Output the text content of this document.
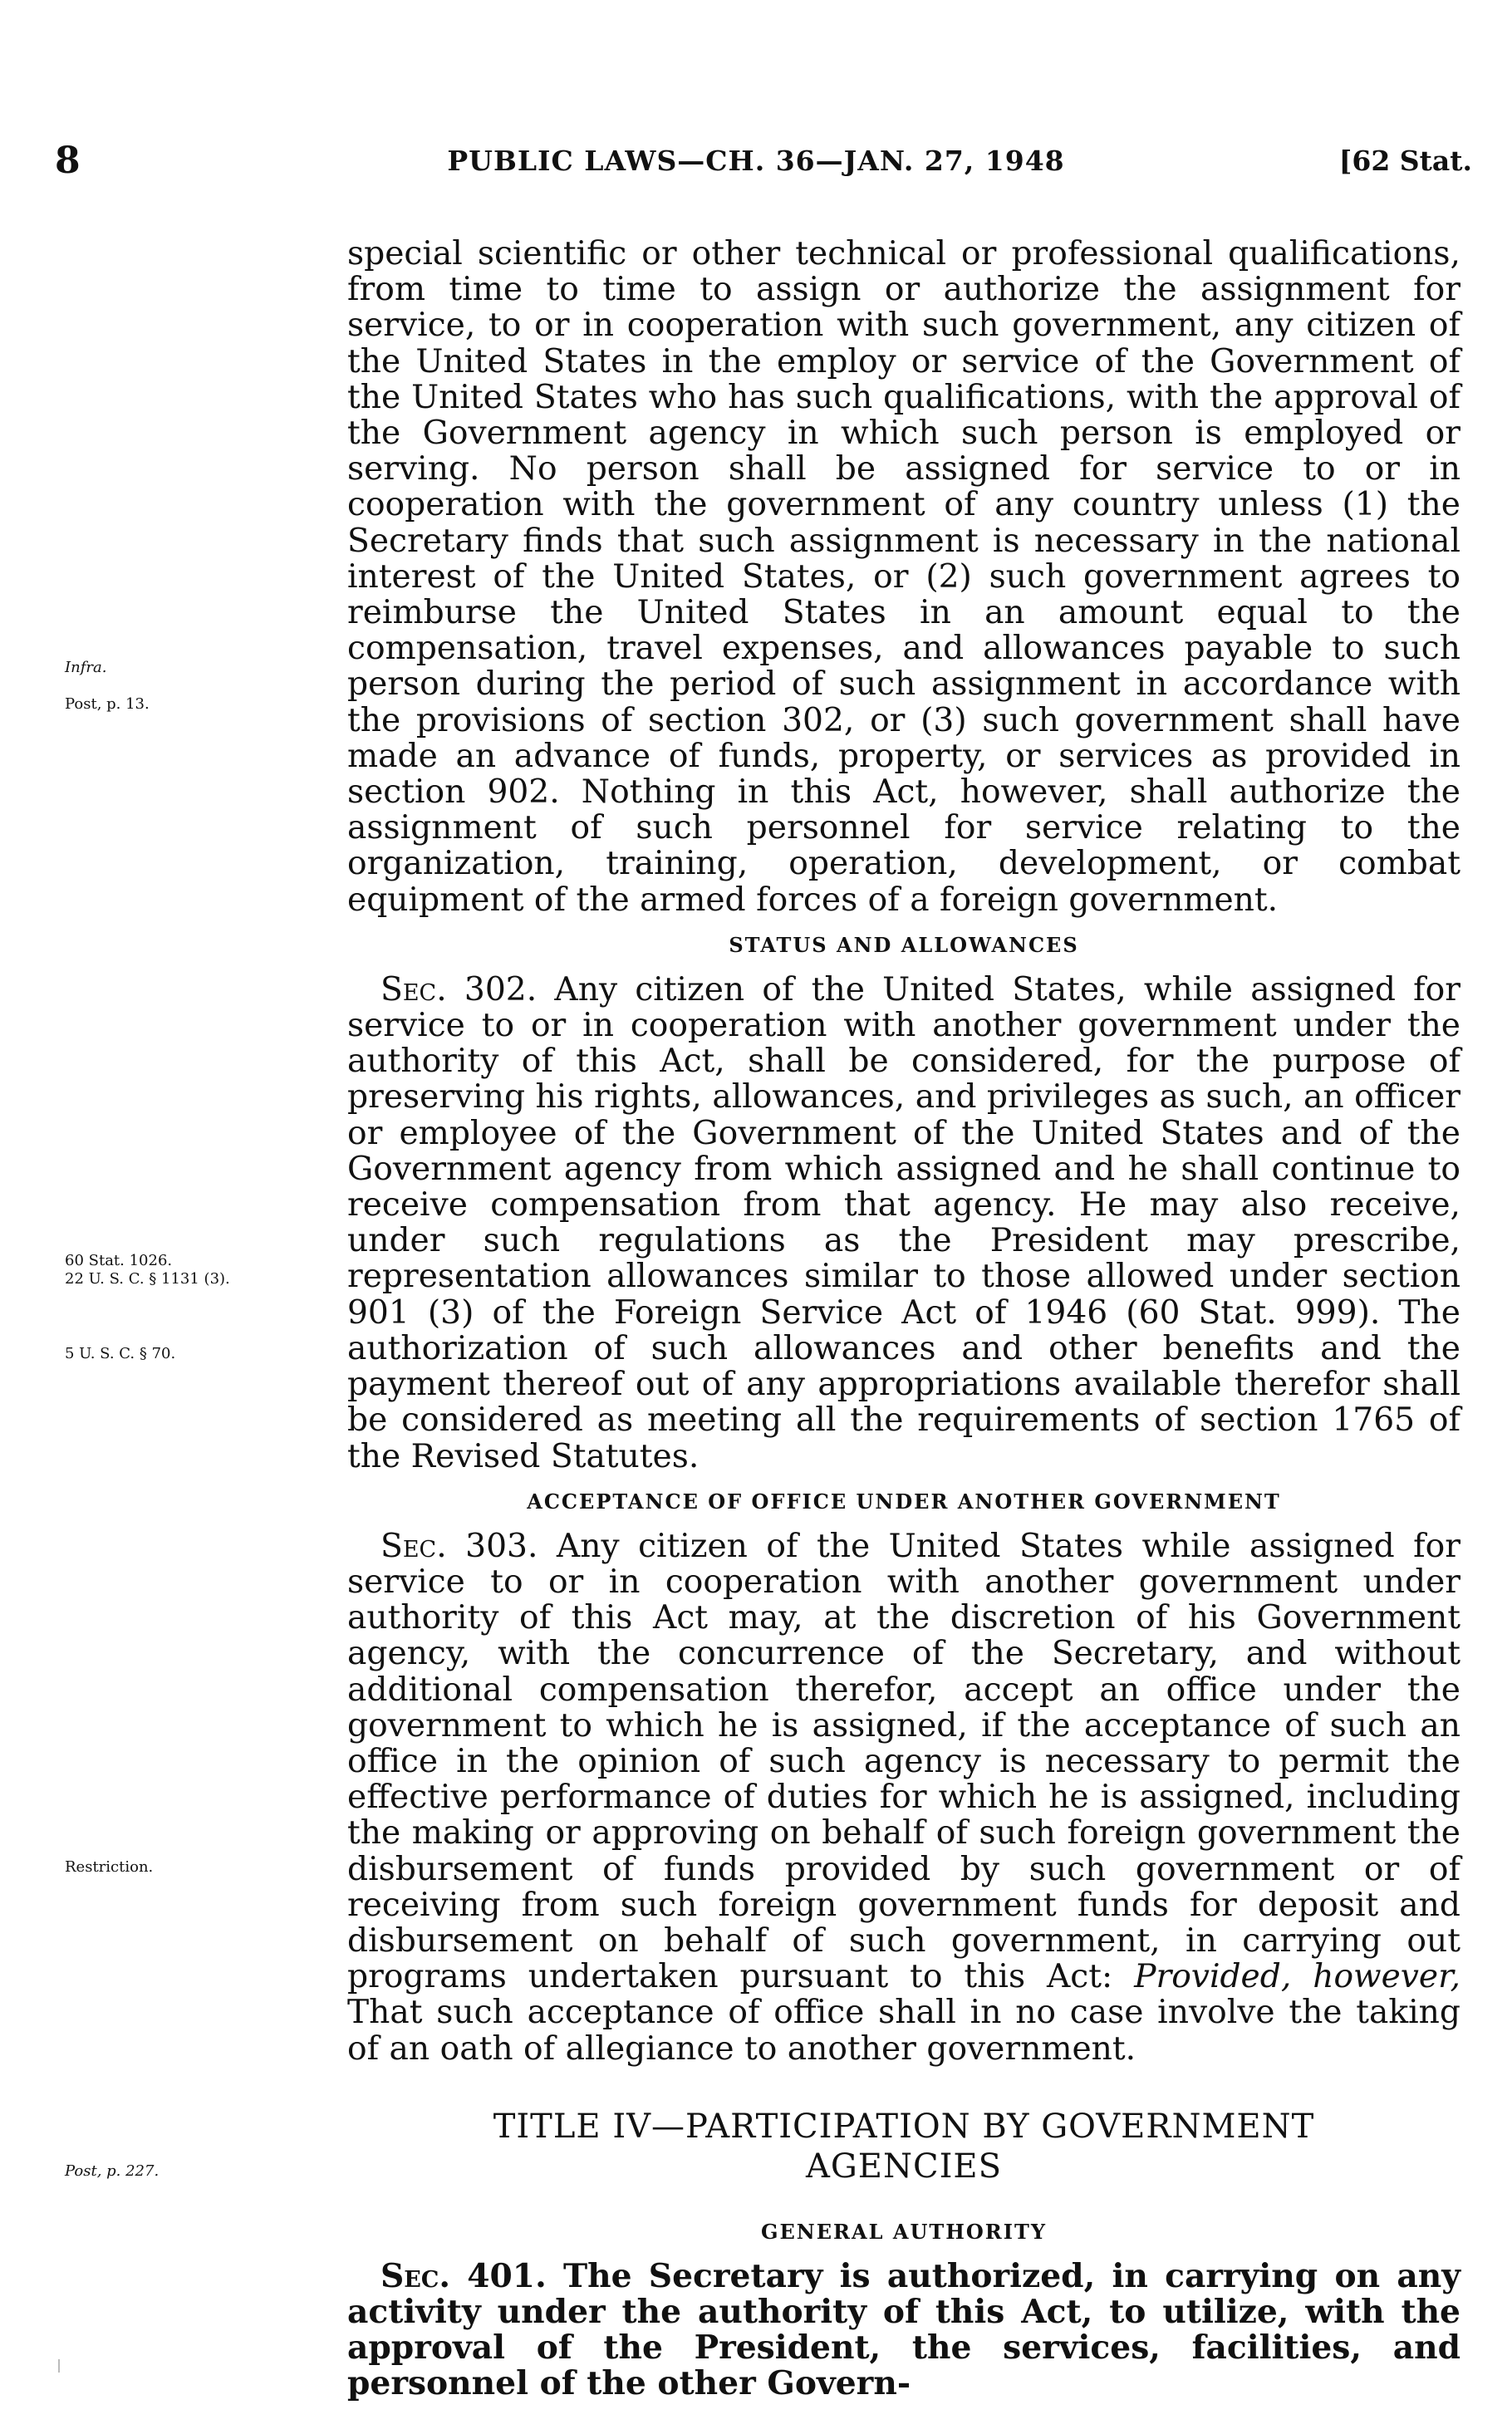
8	PUBLIC LAWS—CH. 36—JAN. 27, 1948	[62 Stat.
Infra.
Post, p. 13.
60 Stat. 1026.
22 U. S. C. § 1131 (3).
5 U. S. C. § 70.
Restriction.
Post, p. 227.

special scientific or other technical or professional qualifications, from time to time to assign or authorize the assignment for service, to or in cooperation with such government, any citizen of the United States in the employ or service of the Government of the United States who has such qualifications, with the approval of the Government agency in which such person is employed or serving. No person shall be assigned for service to or in cooperation with the government of any country unless (1) the Secretary finds that such assignment is necessary in the national interest of the United States, or (2) such government agrees to reimburse the United States in an amount equal to the compensation, travel expenses, and allowances payable to such person during the period of such assignment in accordance with the provisions of section 302, or (3) such government shall have made an advance of funds, property, or services as provided in section 902. Nothing in this Act, however, shall authorize the assignment of such personnel for service relating to the organization, training, operation, development, or combat equipment of the armed forces of a foreign government.

STATUS AND ALLOWANCES

Sec. 302. Any citizen of the United States, while assigned for service to or in cooperation with another government under the authority of this Act, shall be considered, for the purpose of preserving his rights, allowances, and privileges as such, an officer or employee of the Government of the United States and of the Government agency from which assigned and he shall continue to receive compensation from that agency. He may also receive, under such regulations as the President may prescribe, representation allowances similar to those allowed under section 901 (3) of the Foreign Service Act of 1946 (60 Stat. 999). The authorization of such allowances and other benefits and the payment thereof out of any appropriations available therefor shall be considered as meeting all the requirements of section 1765 of the Revised Statutes.

ACCEPTANCE OF OFFICE UNDER ANOTHER GOVERNMENT

Sec. 303. Any citizen of the United States while assigned for service to or in cooperation with another government under authority of this Act may, at the discretion of his Government agency, with the concurrence of the Secretary, and without additional compensation therefor, accept an office under the government to which he is assigned, if the acceptance of such an office in the opinion of such agency is necessary to permit the effective performance of duties for which he is assigned, including the making or approving on behalf of such foreign government the disbursement of funds provided by such government or of receiving from such foreign government funds for deposit and disbursement on behalf of such government, in carrying out programs undertaken pursuant to this Act: Provided, however, That such acceptance of office shall in no case involve the taking of an oath of allegiance to another government.

TITLE IV—PARTICIPATION BY GOVERNMENT
AGENCIES
GENERAL AUTHORITY

Sec. 401. The Secretary is authorized, in carrying on any activity under the authority of this Act, to utilize, with the approval of the President, the services, facilities, and personnel of the other Govern-
